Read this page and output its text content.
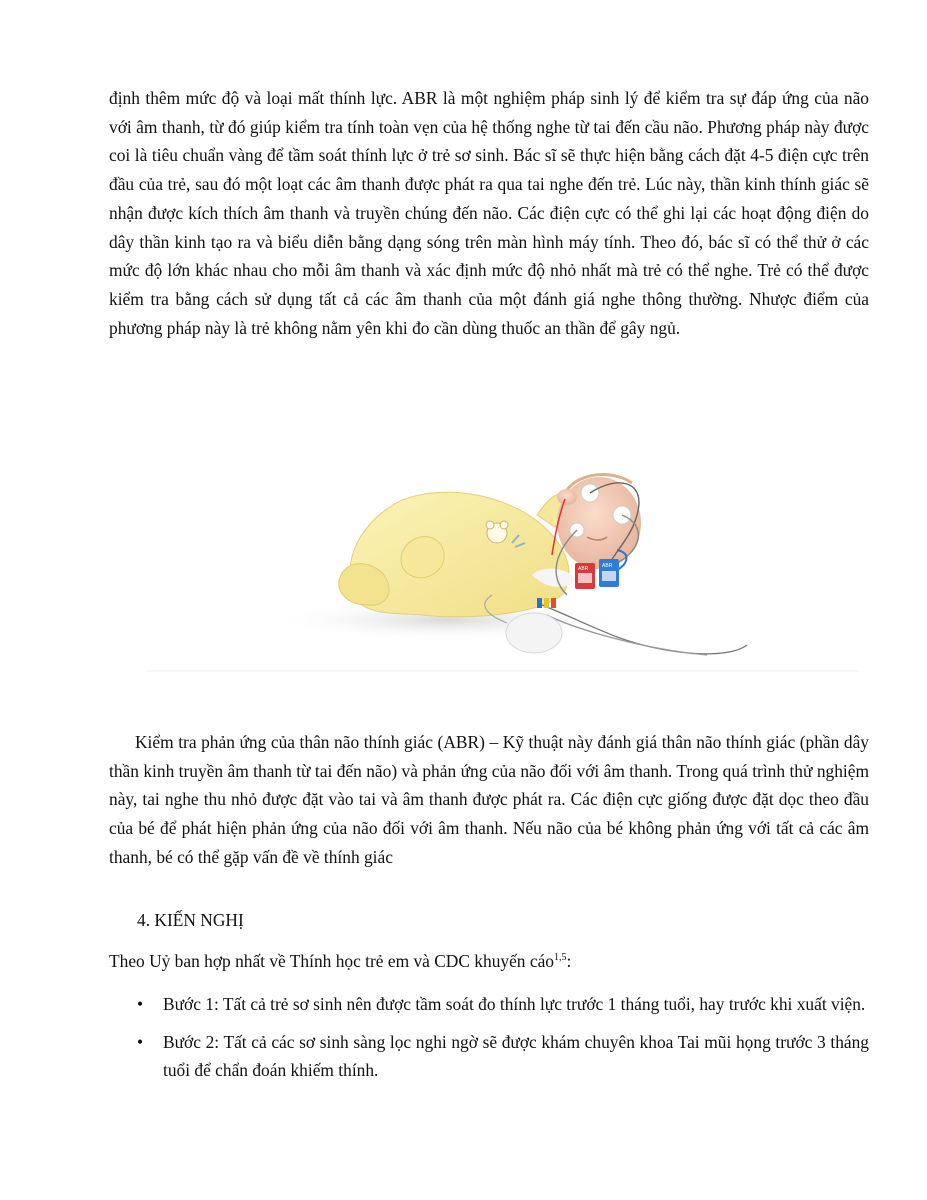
định thêm mức độ và loại mất thính lực. ABR là một nghiệm pháp sinh lý để kiểm tra sự đáp ứng của não với âm thanh, từ đó giúp kiểm tra tính toàn vẹn của hệ thống nghe từ tai đến cầu não. Phương pháp này được coi là tiêu chuẩn vàng để tầm soát thính lực ở trẻ sơ sinh. Bác sĩ sẽ thực hiện bằng cách đặt 4-5 điện cực trên đầu của trẻ, sau đó một loạt các âm thanh được phát ra qua tai nghe đến trẻ. Lúc này, thần kinh thính giác sẽ nhận được kích thích âm thanh và truyền chúng đến não. Các điện cực có thể ghi lại các hoạt động điện do dây thần kinh tạo ra và biểu diễn bằng dạng sóng trên màn hình máy tính. Theo đó, bác sĩ có thể thử ở các mức độ lớn khác nhau cho mỗi âm thanh và xác định mức độ nhỏ nhất mà trẻ có thể nghe. Trẻ có thể được kiểm tra bằng cách sử dụng tất cả các âm thanh của một đánh giá nghe thông thường. Nhược điểm của phương pháp này là trẻ không nằm yên khi đo cần dùng thuốc an thần để gây ngủ.

ABR	ABR

Kiểm tra phản ứng của thân não thính giác (ABR) – Kỹ thuật này đánh giá thân não thính giác (phần dây thần kinh truyền âm thanh từ tai đến não) và phản ứng của não đối với âm thanh. Trong quá trình thử nghiệm này, tai nghe thu nhỏ được đặt vào tai và âm thanh được phát ra. Các điện cực giống được đặt dọc theo đầu của bé để phát hiện phản ứng của não đối với âm thanh. Nếu não của bé không phản ứng với tất cả các âm thanh, bé có thể gặp vấn đề về thính giác

4. KIẾN NGHỊ
Theo Uỷ ban hợp nhất về Thính học trẻ em và CDC khuyến cáo$^{1,5}$:
• Bước 1: Tất cả trẻ sơ sinh nên được tầm soát đo thính lực trước 1 tháng tuổi, hay trước khi xuất viện.
• Bước 2: Tất cả các sơ sinh sàng lọc nghi ngờ sẽ được khám chuyên khoa Tai mũi họng trước 3 tháng tuổi để chẩn đoán khiếm thính.
